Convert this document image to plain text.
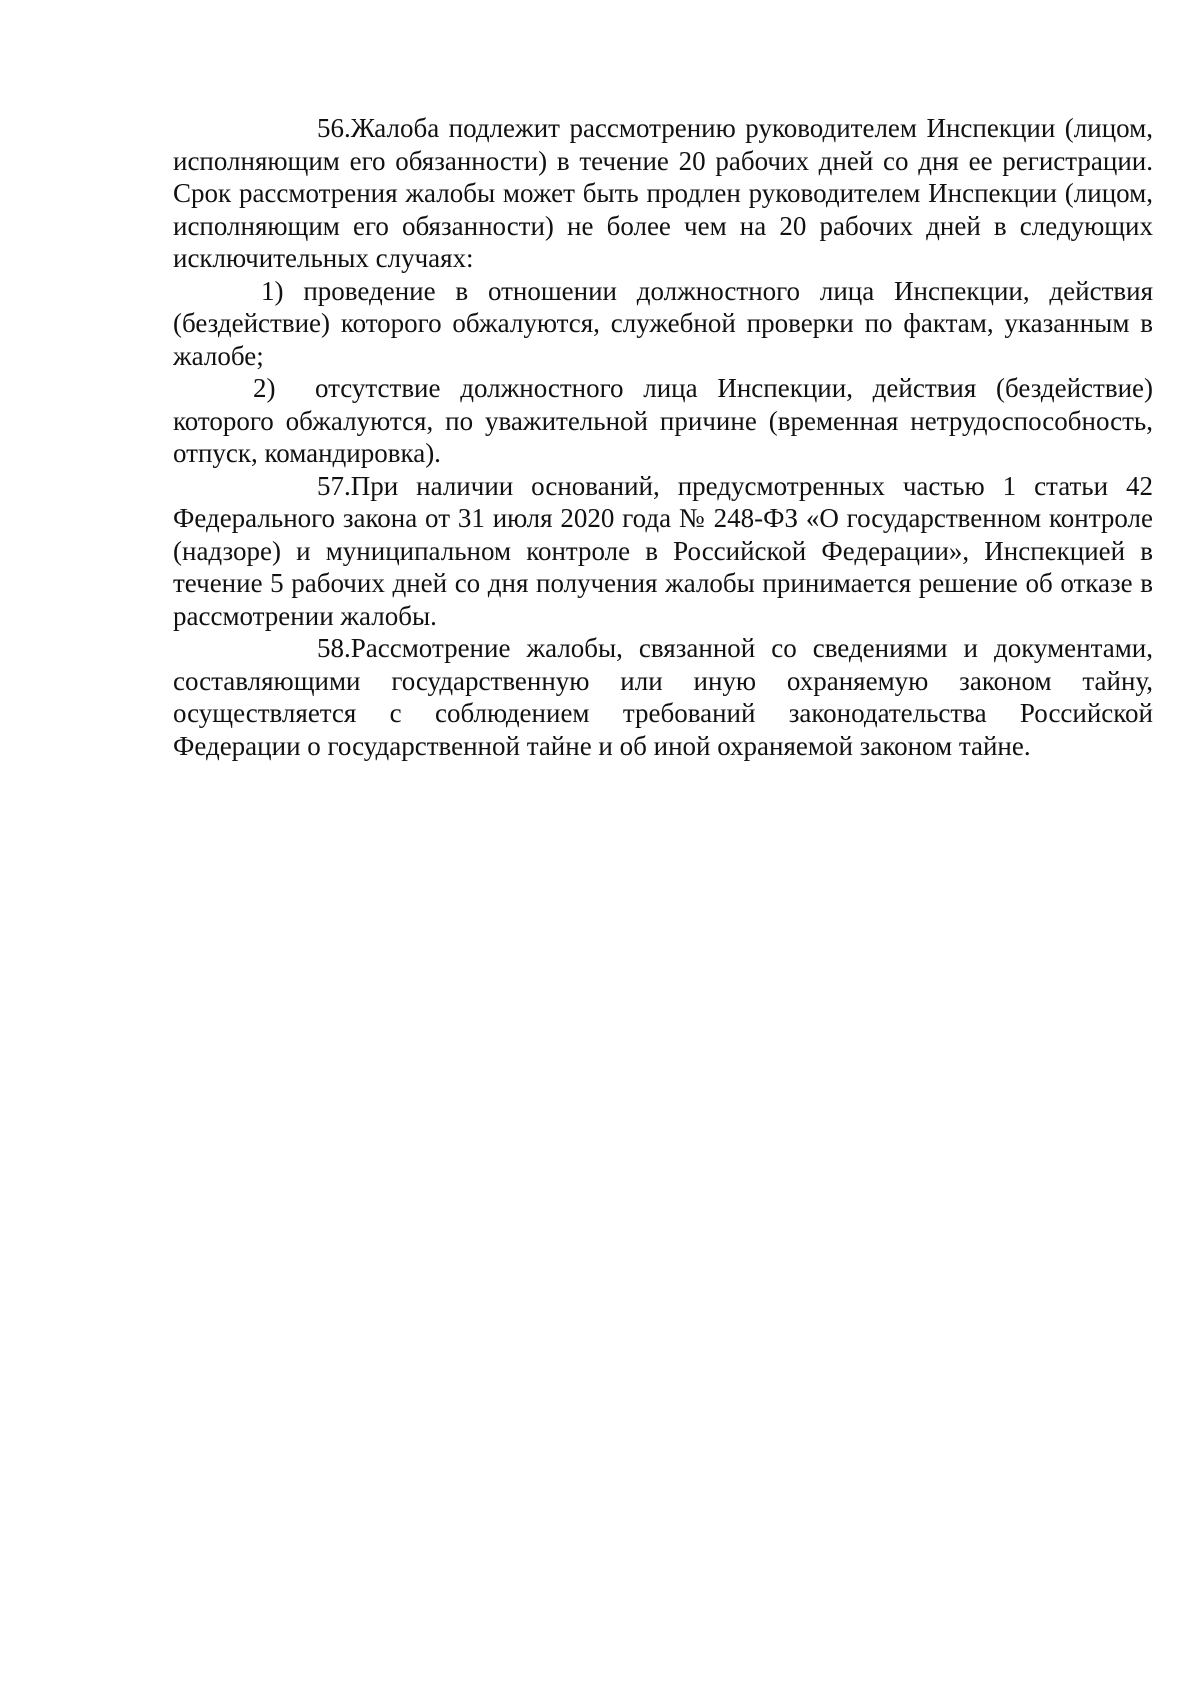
56.Жалоба подлежит рассмотрению руководителем Инспекции (лицом, исполняющим его обязанности) в течение 20 рабочих дней со дня ее регистрации. Срок рассмотрения жалобы может быть продлен руководителем Инспекции (лицом, исполняющим его обязанности) не более чем на 20 рабочих дней в следующих исключительных случаях:

1) проведение в отношении должностного лица Инспекции, действия (бездействие) которого обжалуются, служебной проверки по фактам, указанным в жалобе;

2) отсутствие должностного лица Инспекции, действия (бездействие) которого обжалуются, по уважительной причине (временная нетрудоспособность, отпуск, командировка).

57.При наличии оснований, предусмотренных частью 1 статьи 42 Федерального закона от 31 июля 2020 года № 248-ФЗ «О государственном контроле (надзоре) и муниципальном контроле в Российской Федерации», Инспекцией в течение 5 рабочих дней со дня получения жалобы принимается решение об отказе в рассмотрении жалобы.

58.Рассмотрение жалобы, связанной со сведениями и документами, составляющими государственную или иную охраняемую законом тайну, осуществляется с соблюдением требований законодательства Российской Федерации о государственной тайне и об иной охраняемой законом тайне.
